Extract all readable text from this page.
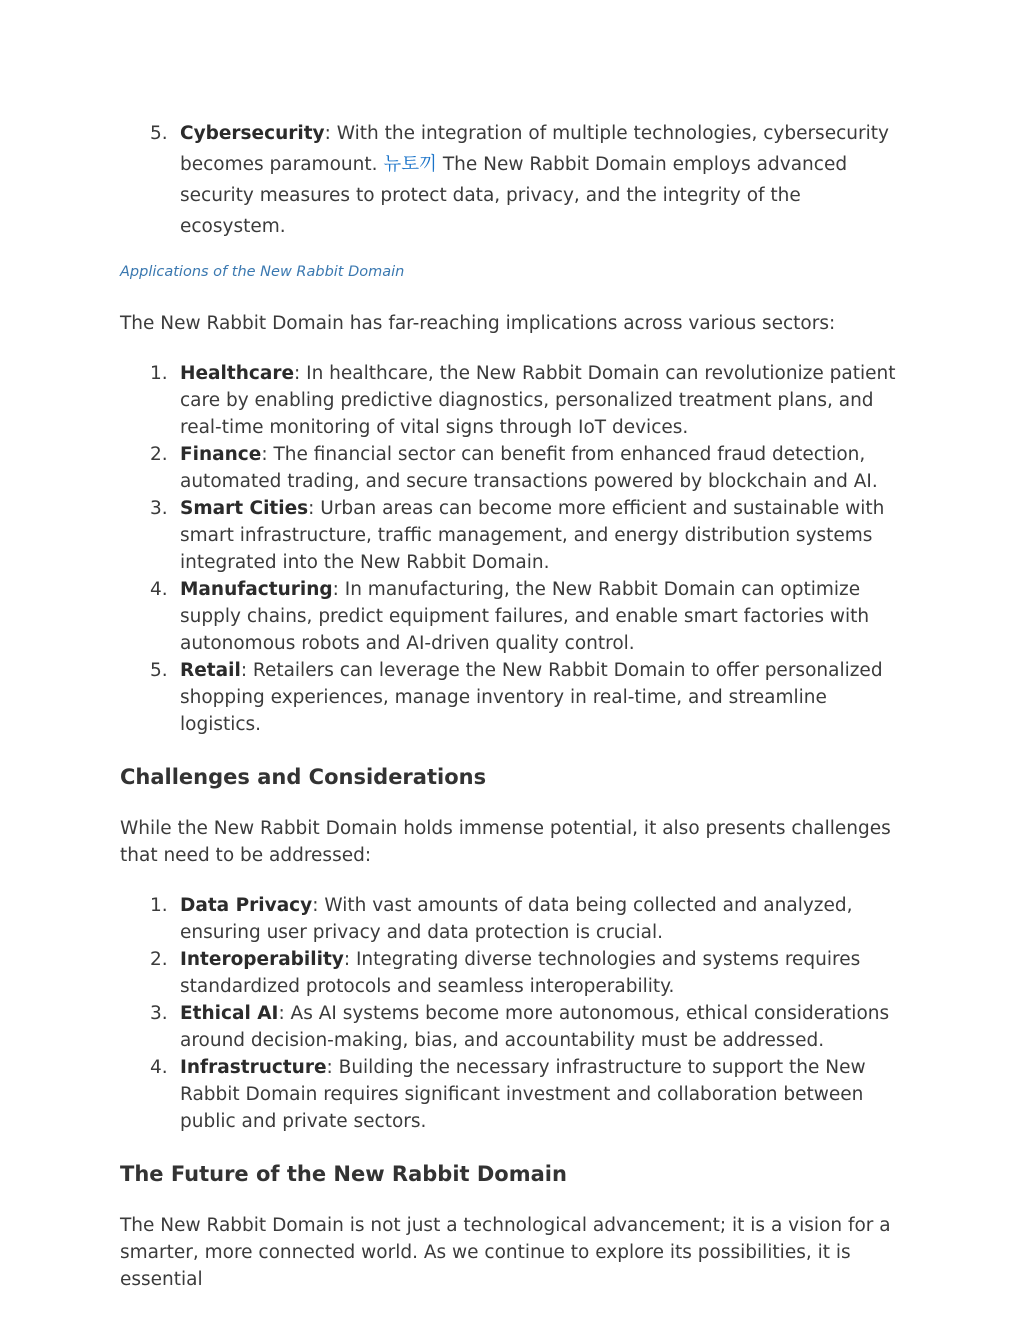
5. Cybersecurity: With the integration of multiple technologies, cybersecurity becomes paramount. 뉴토끼 The New Rabbit Domain employs advanced security measures to protect data, privacy, and the integrity of the ecosystem.
Applications of the New Rabbit Domain

The New Rabbit Domain has far-reaching implications across various sectors:

1. Healthcare: In healthcare, the New Rabbit Domain can revolutionize patient care by enabling predictive diagnostics, personalized treatment plans, and real-time monitoring of vital signs through IoT devices.
2. Finance: The financial sector can benefit from enhanced fraud detection, automated trading, and secure transactions powered by blockchain and AI.
3. Smart Cities: Urban areas can become more efficient and sustainable with smart infrastructure, traffic management, and energy distribution systems integrated into the New Rabbit Domain.
4. Manufacturing: In manufacturing, the New Rabbit Domain can optimize supply chains, predict equipment failures, and enable smart factories with autonomous robots and AI-driven quality control.
5. Retail: Retailers can leverage the New Rabbit Domain to offer personalized shopping experiences, manage inventory in real-time, and streamline logistics.
Challenges and Considerations

While the New Rabbit Domain holds immense potential, it also presents challenges that need to be addressed:

1. Data Privacy: With vast amounts of data being collected and analyzed, ensuring user privacy and data protection is crucial.
2. Interoperability: Integrating diverse technologies and systems requires standardized protocols and seamless interoperability.
3. Ethical AI: As AI systems become more autonomous, ethical considerations around decision-making, bias, and accountability must be addressed.
4. Infrastructure: Building the necessary infrastructure to support the New Rabbit Domain requires significant investment and collaboration between public and private sectors.
The Future of the New Rabbit Domain

The New Rabbit Domain is not just a technological advancement; it is a vision for a smarter, more connected world. As we continue to explore its possibilities, it is essential
